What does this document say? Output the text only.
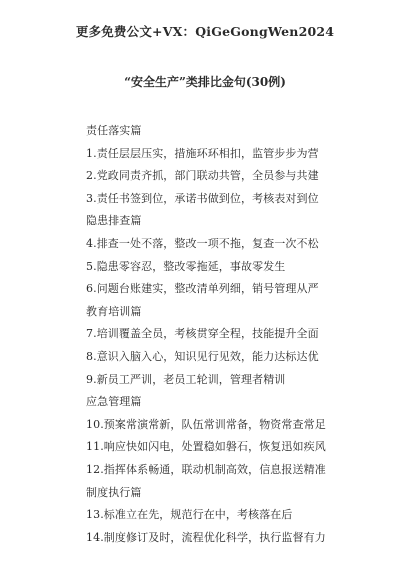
更多免费公文+VX：QiGeGongWen2024
“安全生产”类排比金句(30例)
责任落实篇
1.责任层层压实，措施环环相扣，监管步步为营
2.党政同责齐抓，部门联动共管，全员参与共建
3.责任书签到位，承诺书做到位，考核表对到位
隐患排查篇
4.排查一处不落，整改一项不拖，复查一次不松
5.隐患零容忍，整改零拖延，事故零发生
6.问题台账建实，整改清单列细，销号管理从严
教育培训篇
7.培训覆盖全员，考核贯穿全程，技能提升全面
8.意识入脑入心，知识见行见效，能力达标达优
9.新员工严训，老员工轮训，管理者精训
应急管理篇
10.预案常演常新，队伍常训常备，物资常查常足
11.响应快如闪电，处置稳如磐石，恢复迅如疾风
12.指挥体系畅通，联动机制高效，信息报送精准
制度执行篇
13.标准立在先，规范行在中，考核落在后
14.制度修订及时，流程优化科学，执行监督有力
